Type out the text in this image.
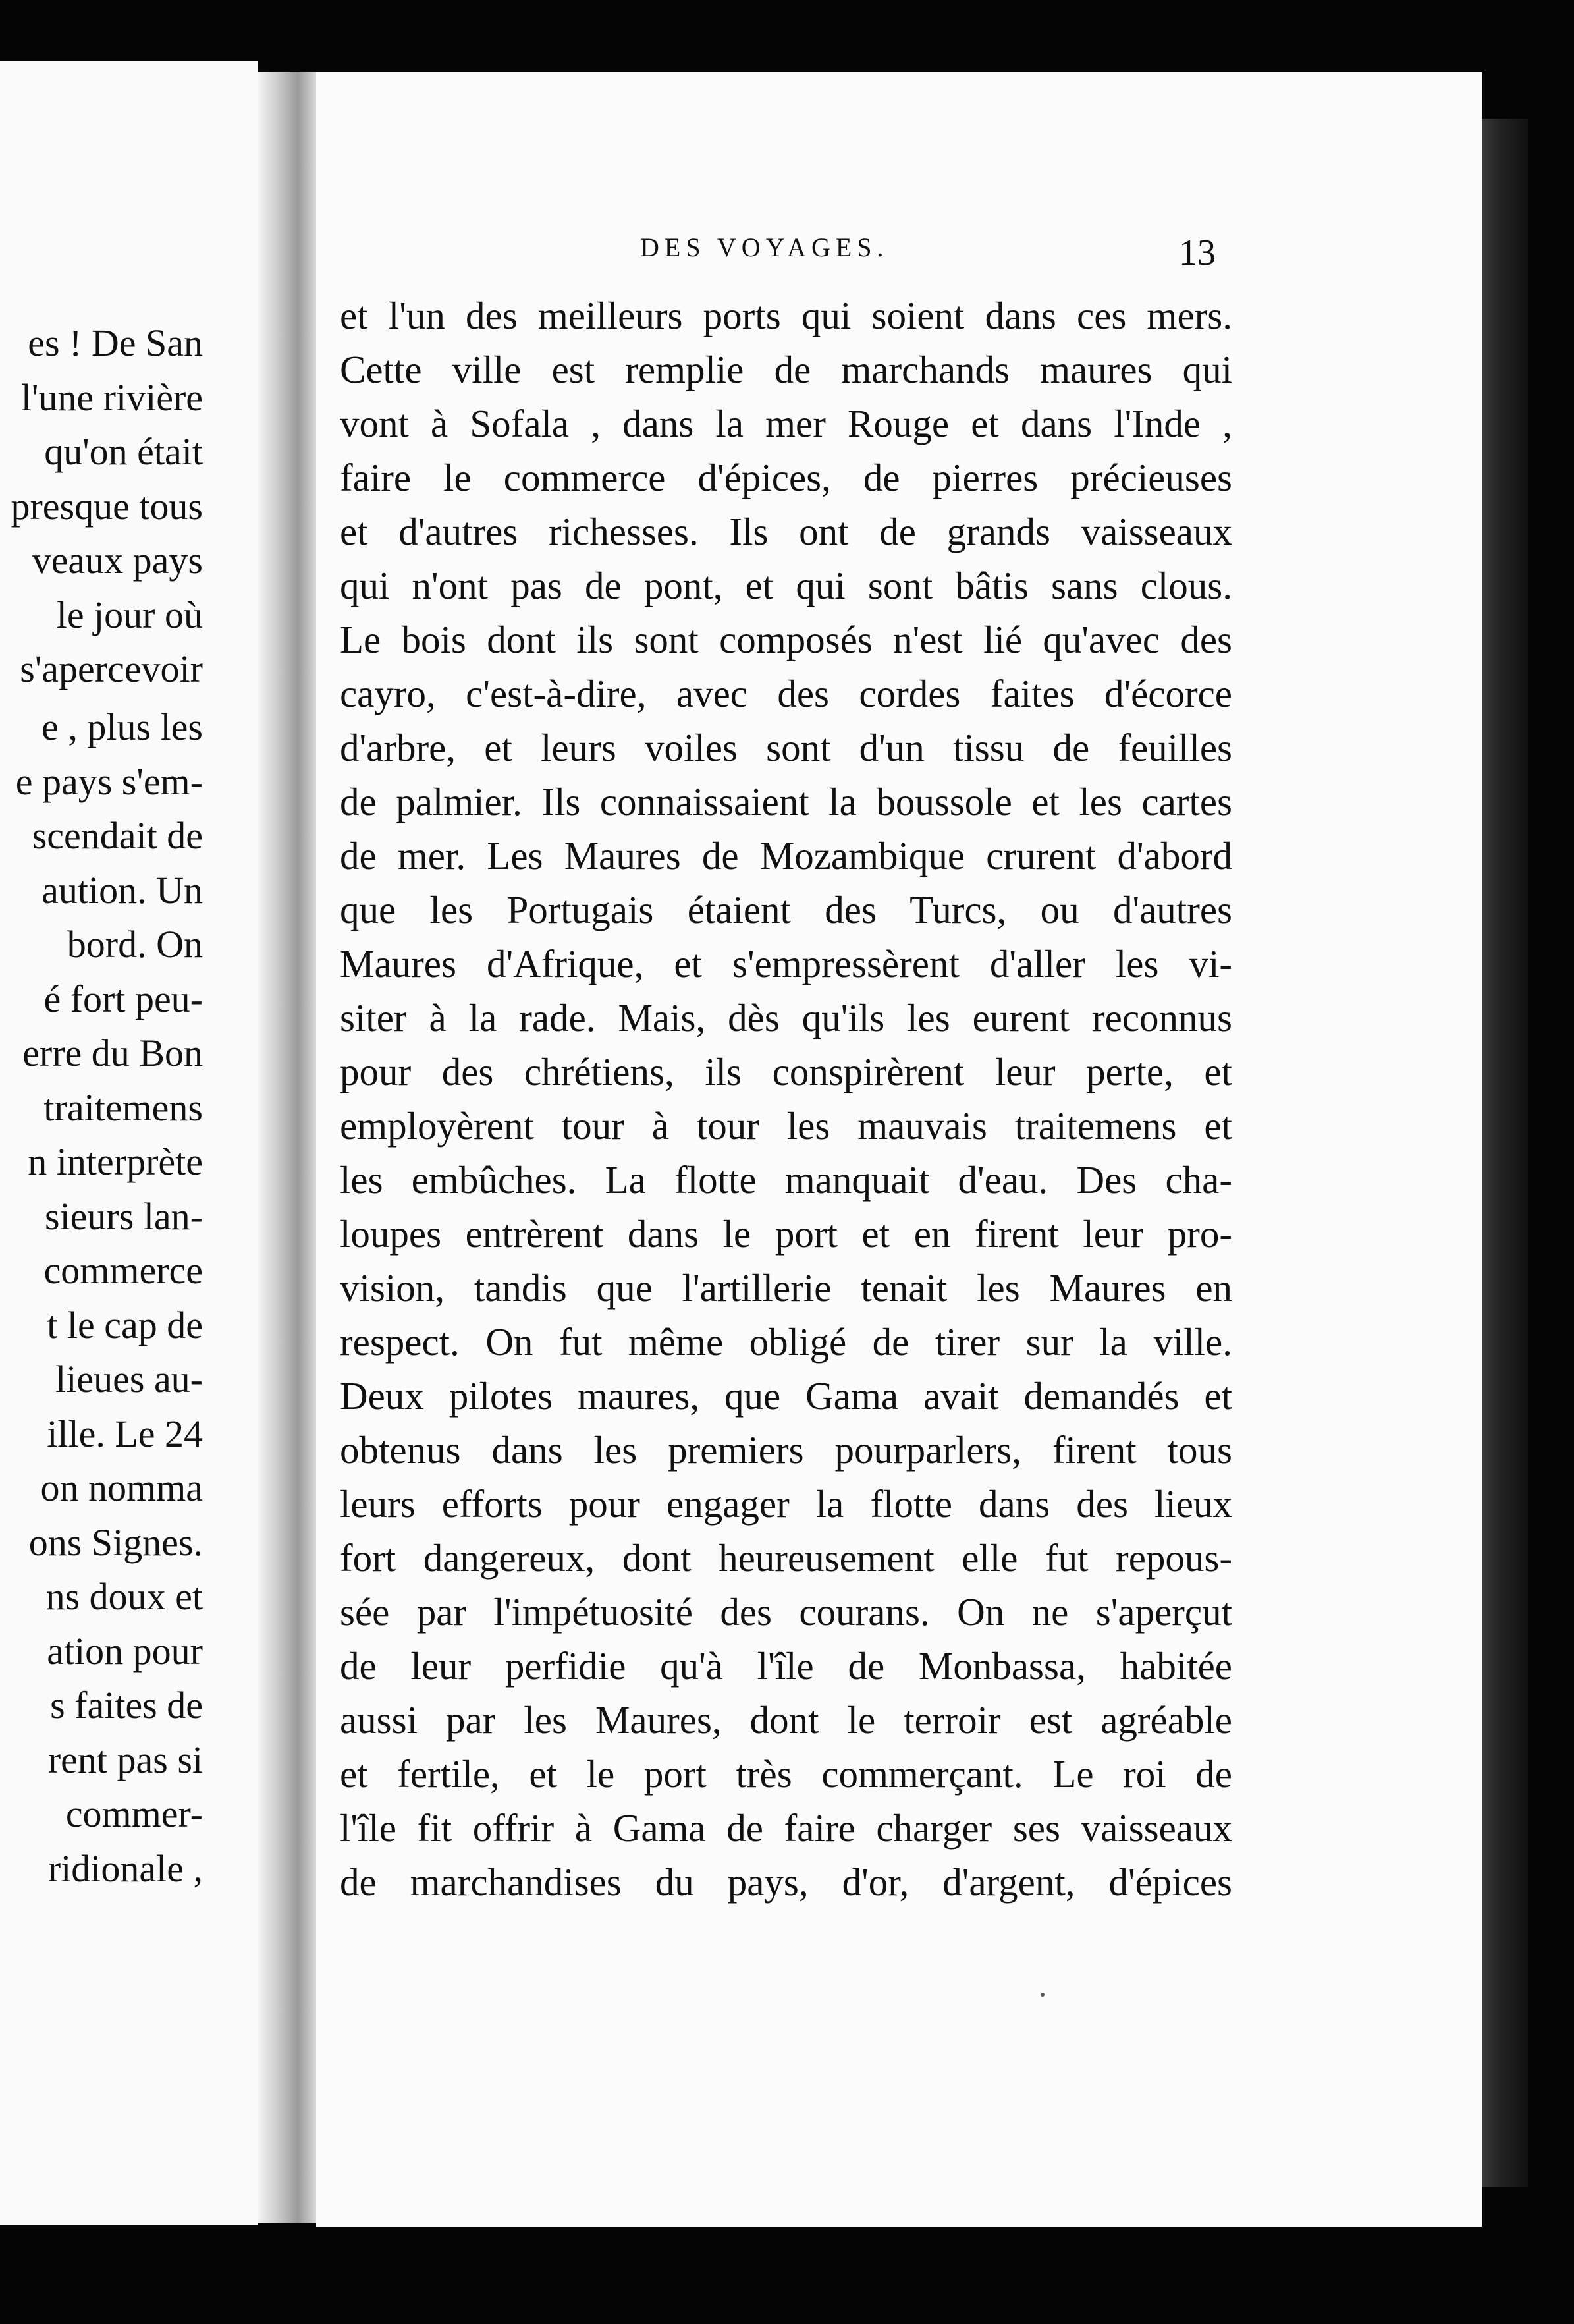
es ! De San
l'une rivière
qu'on était
presque tous
veaux pays
le jour où
s'apercevoir
e , plus les
e pays s'em-
scendait de
aution. Un
bord. On
é fort peu-
erre du Bon
traitemens
n interprète
sieurs lan-
commerce
t le cap de
lieues au-
ille. Le 24
on nomma
ons Signes.
ns doux et
ation pour
s faites de
rent pas si
commer-
ridionale ,
DES VOYAGES.	13
et l'un des meilleurs ports qui soient dans ces mers.
Cette ville est remplie de marchands maures qui
vont à Sofala , dans la mer Rouge et dans l'Inde ,
faire le commerce d'épices, de pierres précieuses
et d'autres richesses. Ils ont de grands vaisseaux
qui n'ont pas de pont, et qui sont bâtis sans clous.
Le bois dont ils sont composés n'est lié qu'avec des
cayro, c'est-à-dire, avec des cordes faites d'écorce
d'arbre, et leurs voiles sont d'un tissu de feuilles
de palmier. Ils connaissaient la boussole et les cartes
de mer. Les Maures de Mozambique crurent d'abord
que les Portugais étaient des Turcs, ou d'autres
Maures d'Afrique, et s'empressèrent d'aller les vi-
siter à la rade. Mais, dès qu'ils les eurent reconnus
pour des chrétiens, ils conspirèrent leur perte, et
employèrent tour à tour les mauvais traitemens et
les embûches. La flotte manquait d'eau. Des cha-
loupes entrèrent dans le port et en firent leur pro-
vision, tandis que l'artillerie tenait les Maures en
respect. On fut même obligé de tirer sur la ville.
Deux pilotes maures, que Gama avait demandés et
obtenus dans les premiers pourparlers, firent tous
leurs efforts pour engager la flotte dans des lieux
fort dangereux, dont heureusement elle fut repous-
sée par l'impétuosité des courans. On ne s'aperçut
de leur perfidie qu'à l'île de Monbassa, habitée
aussi par les Maures, dont le terroir est agréable
et fertile, et le port très commerçant. Le roi de
l'île fit offrir à Gama de faire charger ses vaisseaux
de marchandises du pays, d'or, d'argent, d'épices
